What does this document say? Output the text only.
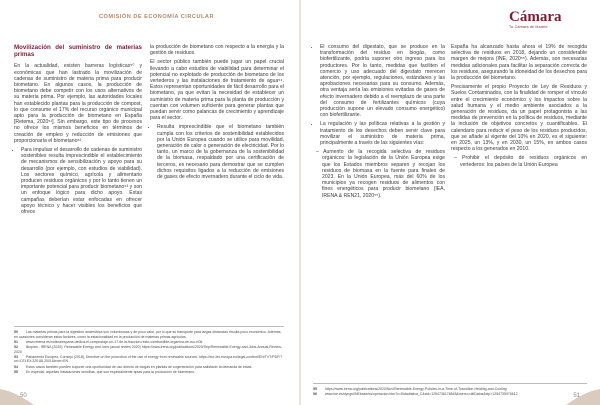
COMISIÓN DE ECONOMÍA CIRCULAR
Movilización del suministro de materias primas

En la actualidad, existen barreras logísticas⁵⁰ y económicas que han lastrado la movilización de cadenas de suministro de materia prima para producir biometano. En algunos casos, la producción de biometano debe competir con los usos alternativos de su materia prima. Por ejemplo, las autoridades locales han establecido plantas para la producción de compost, lo que consume el 17% del recurso orgánico municipal apto para la producción de biometano en España [Retema, 2020⁵¹]. Sin embargo, este tipo de procesos no ofrece los mismos beneficios en términos de creación de empleo y reducción de emisiones que proporcionaría el biometano⁵².

• Para impulsar el desarrollo de cadenas de suministro sostenibles resulta imprescindible el establecimiento de mecanismos de sensibilización y apoyo para su desarrollo (por ejemplo, con estudios de viabilidad). Los sectores químico, agrícola y alimentario producen residuos orgánicos y por lo tanto tienen un importante potencial para producir biometano⁵³ y son un enfoque lógico para dicho apoyo. Estas campañas deberían estar enfocadas en ofrecer apoyo técnico y hacer visibles los beneficios que ofrece

la producción de biometano con respecto a la energía y la gestión de residuos.

El sector público también puede jugar un papel crucial llevando a cabo estudios de viabilidad para determinar el potencial no explotado de producción de biometano de los vertederos y las instalaciones de tratamiento de agua⁵⁴. Estos representan oportunidades de fácil desarrollo para el biometano, ya que evitan la necesidad de establecer un suministro de materia prima para la planta de producción y cuentan con volumen suficiente para generar plantas que puedan servir como palancas de crecimiento y aprendizaje para el sector.

• Resulta imprescindible que el biometano también cumpla con los criterios de sostenibilidad establecidos por la Unión Europea cuando se utilice para movilidad, generación de calor o generación de electricidad. Por lo tanto, un marco de la gobernanza de la sostenibilidad de la biomasa, respaldado por una certificación de terceros, es necesario para demostrar que se cumplen dichos requisitos ligados a la reducción de emisiones de gases de efecto invernadero durante el ciclo de vida.
50 Las materias primas para la digestión anaeróbica son voluminosas y de poco valor, por lo que su transporte para largas distancias resulta poco económico. Además, en ocasiones consideran estos factores, como la estacionalidad en la producción de materias primas agrícolas.
51 www.retema.es/noticia/espana-dedica-el-compostaje-un-17-de-la-fraccion-resto-combustible-organica-de-rsu-nOk
52 Bioplan - IRENA (2020), Renewable Energy and Jobs (anual review 2020) https://www.irena.org/publications/2020/Sep/Renewable-Energy-and-Jobs-Annual-Review-2020
53 Parlamento Europeo, Consejo (2018), Directive on the promotion of the use of energy from renewable sources. https://eur-lex.europa.eu/legal-content/EN/TXT/PDF/?uri=CELEX:32018L2001&from=EN
54 Estos casos también pueden suponer una oportunidad de uso directo de biogás en plantas de cogeneración para satisfacer la demanda de estas.
55 En especial, aquellas instalaciones sencillas, que son especialmente aptas para la producción de biometano.
50
Cámara
Tu Cámara de Madrid
• El consumo del digestato, que se produce en la transformación del residuo en biogás, como biofertilizante, podría suponer otro ingreso para los productores. Por lo tanto, medidas que faciliten el comercio y uso adecuado del digestato merecen atención, por ejemplo, regulaciones, estándares y las aprobaciones necesarias para su consumo. Además, otra ventaja sería las emisiones evitadas de gases de efecto invernadero debido a el reemplazo de una parte del consumo de fertilizantes químicos (cuya producción supone un elevado consumo energético) con biofertilizante.
• La regulación y las políticas relativas a la gestión y tratamiento de los desechos deben servir clave para movilizar el suministro de materia prima, principalmente a través de las siguientes vías:
– Aumento de la recogida selectiva de residuos orgánicos: la legislación de la Unión Europea exige que los Estados miembros separen y recojan los residuos de biomasa en la fuente para finales de 2023. En la Unión Europea, más del 60% de los municipios ya recogen residuos de alimentos con fines energéticos para producir biometano (IEA, IRENA & REN21, 2020⁵⁵).

España ha alcanzado hasta ahora el 19% de recogida selectiva de residuos en 2018, dejando un considerable margen de mejora (INE, 2020⁵⁶). Además, son necesarias medidas adicionales para facilitar la separación correcta de los residuos, asegurando la idoneidad de los desechos para la producción del biometano.

Precisamente el propio Proyecto de Ley de Residuos y Suelos Contaminados, con la finalidad de romper el vínculo entre el crecimiento económico y los impactos sobre la salud humana y el medio ambiente asociados a la generación de residuos, da un papel protagonista a las medidas de prevención en la política de residuos, mediante la inclusión de objetivos concretos y cuantificables. El calendario para reducir el peso de los residuos producidos, que se añade al vigente del 10% en 2020, es el siguiente: en 2025, un 13%, y en 2030, un 15%, en ambos casos respecto a los generados en 2010.

– Prohibir el depósito de residuos orgánicos en vertederos: los países de la Unión Europea
55 https://www.irena.org/publications/2020/Nov/Renewable-Energy-Policies-in-a-Time-of-Transition-Heating-and-Cooling
56 www.ine.es/dyngs/INEbase/es/operacion.htm?c=Estadistica_C&cid=1254736176845&menu=ultiDatos&idp=1254735976612	51
